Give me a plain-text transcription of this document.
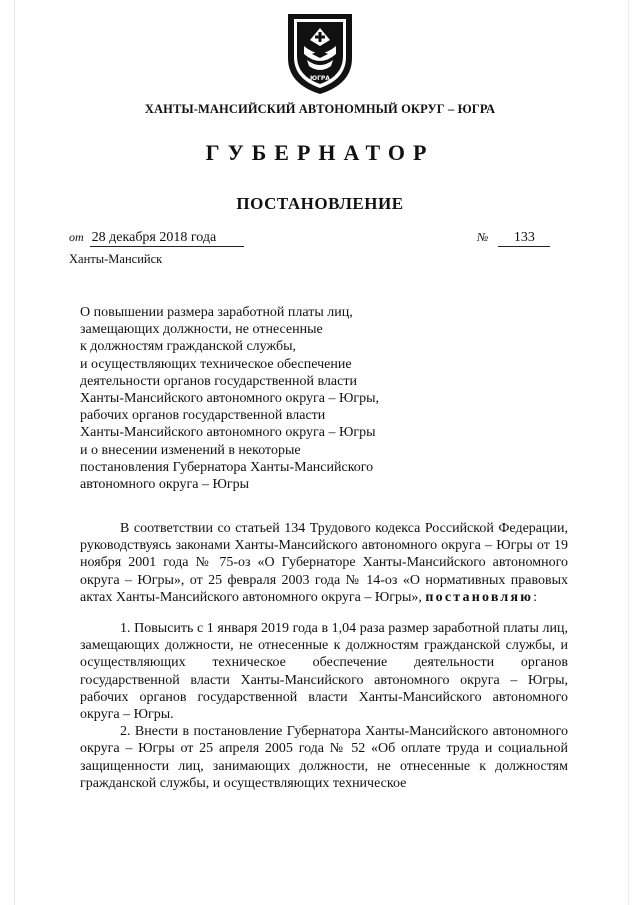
ЮГРА
ХАНТЫ-МАНСИЙСКИЙ АВТОНОМНЫЙ ОКРУГ – ЮГРА
ГУБЕРНАТОР
ПОСТАНОВЛЕНИЕ
от 28 декабря 2018 года	№ 133
Ханты-Мансийск
О повышении размера заработной платы лиц,
замещающих должности, не отнесенные
к должностям гражданской службы,
и осуществляющих техническое обеспечение
деятельности органов государственной власти
Ханты-Мансийского автономного округа – Югры,
рабочих органов государственной власти
Ханты-Мансийского автономного округа – Югры
и о внесении изменений в некоторые
постановления Губернатора Ханты-Мансийского
автономного округа – Югры

В соответствии со статьей 134 Трудового кодекса Российской Федерации, руководствуясь законами Ханты-Мансийского автономного округа – Югры от 19 ноября 2001 года № 75-оз «О Губернаторе Ханты-Мансийского автономного округа – Югры», от 25 февраля 2003 года № 14-оз «О нормативных правовых актах Ханты-Мансийского автономного округа – Югры», постановляю:

1. Повысить с 1 января 2019 года в 1,04 раза размер заработной платы лиц, замещающих должности, не отнесенные к должностям гражданской службы, и осуществляющих техническое обеспечение деятельности органов государственной власти Ханты-Мансийского автономного округа – Югры, рабочих органов государственной власти Ханты-Мансийского автономного округа – Югры.

2. Внести в постановление Губернатора Ханты-Мансийского автономного округа – Югры от 25 апреля 2005 года № 52 «Об оплате труда и социальной защищенности лиц, занимающих должности, не отнесенные к должностям гражданской службы, и осуществляющих техническое
